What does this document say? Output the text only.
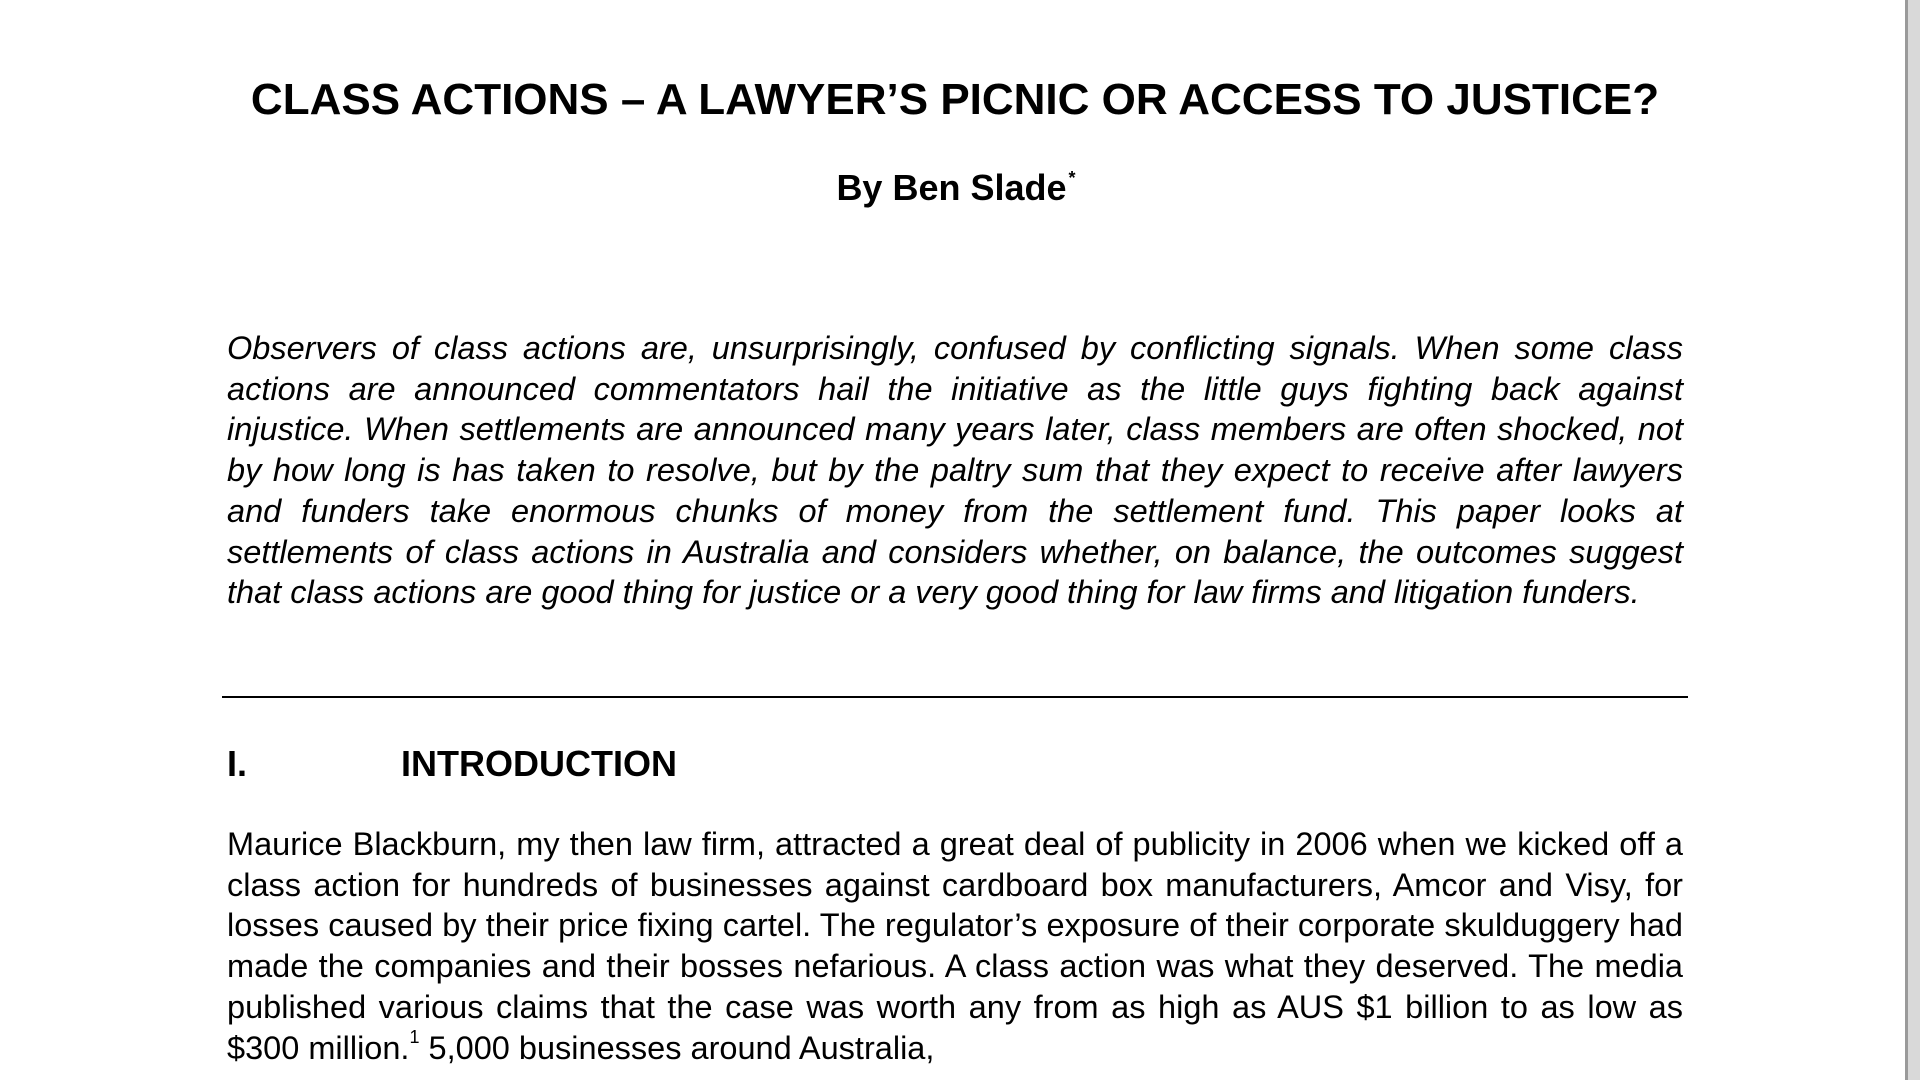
CLASS ACTIONS – A LAWYER’S PICNIC OR ACCESS TO JUSTICE?

By Ben Slade *

Observers of class actions are, unsurprisingly, confused by conflicting signals. When some class actions are announced commentators hail the initiative as the little guys fighting back against injustice. When settlements are announced many years later, class members are often shocked, not by how long is has taken to resolve, but by the paltry sum that they expect to receive after lawyers and funders take enormous chunks of money from the settlement fund. This paper looks at settlements of class actions in Australia and considers whether, on balance, the outcomes suggest that class actions are good thing for justice or a very good thing for law firms and litigation funders.

I.	INTRODUCTION

Maurice Blackburn, my then law firm, attracted a great deal of publicity in 2006 when we kicked off a class action for hundreds of businesses against cardboard box manufacturers, Amcor and Visy, for losses caused by their price fixing cartel. The regulator’s exposure of their corporate skulduggery had made the companies and their bosses nefarious. A class action was what they deserved. The media published various claims that the case was worth any from as high as AUS $1 billion to as low as $300 million.$^1$ 5,000 businesses around Australia,
